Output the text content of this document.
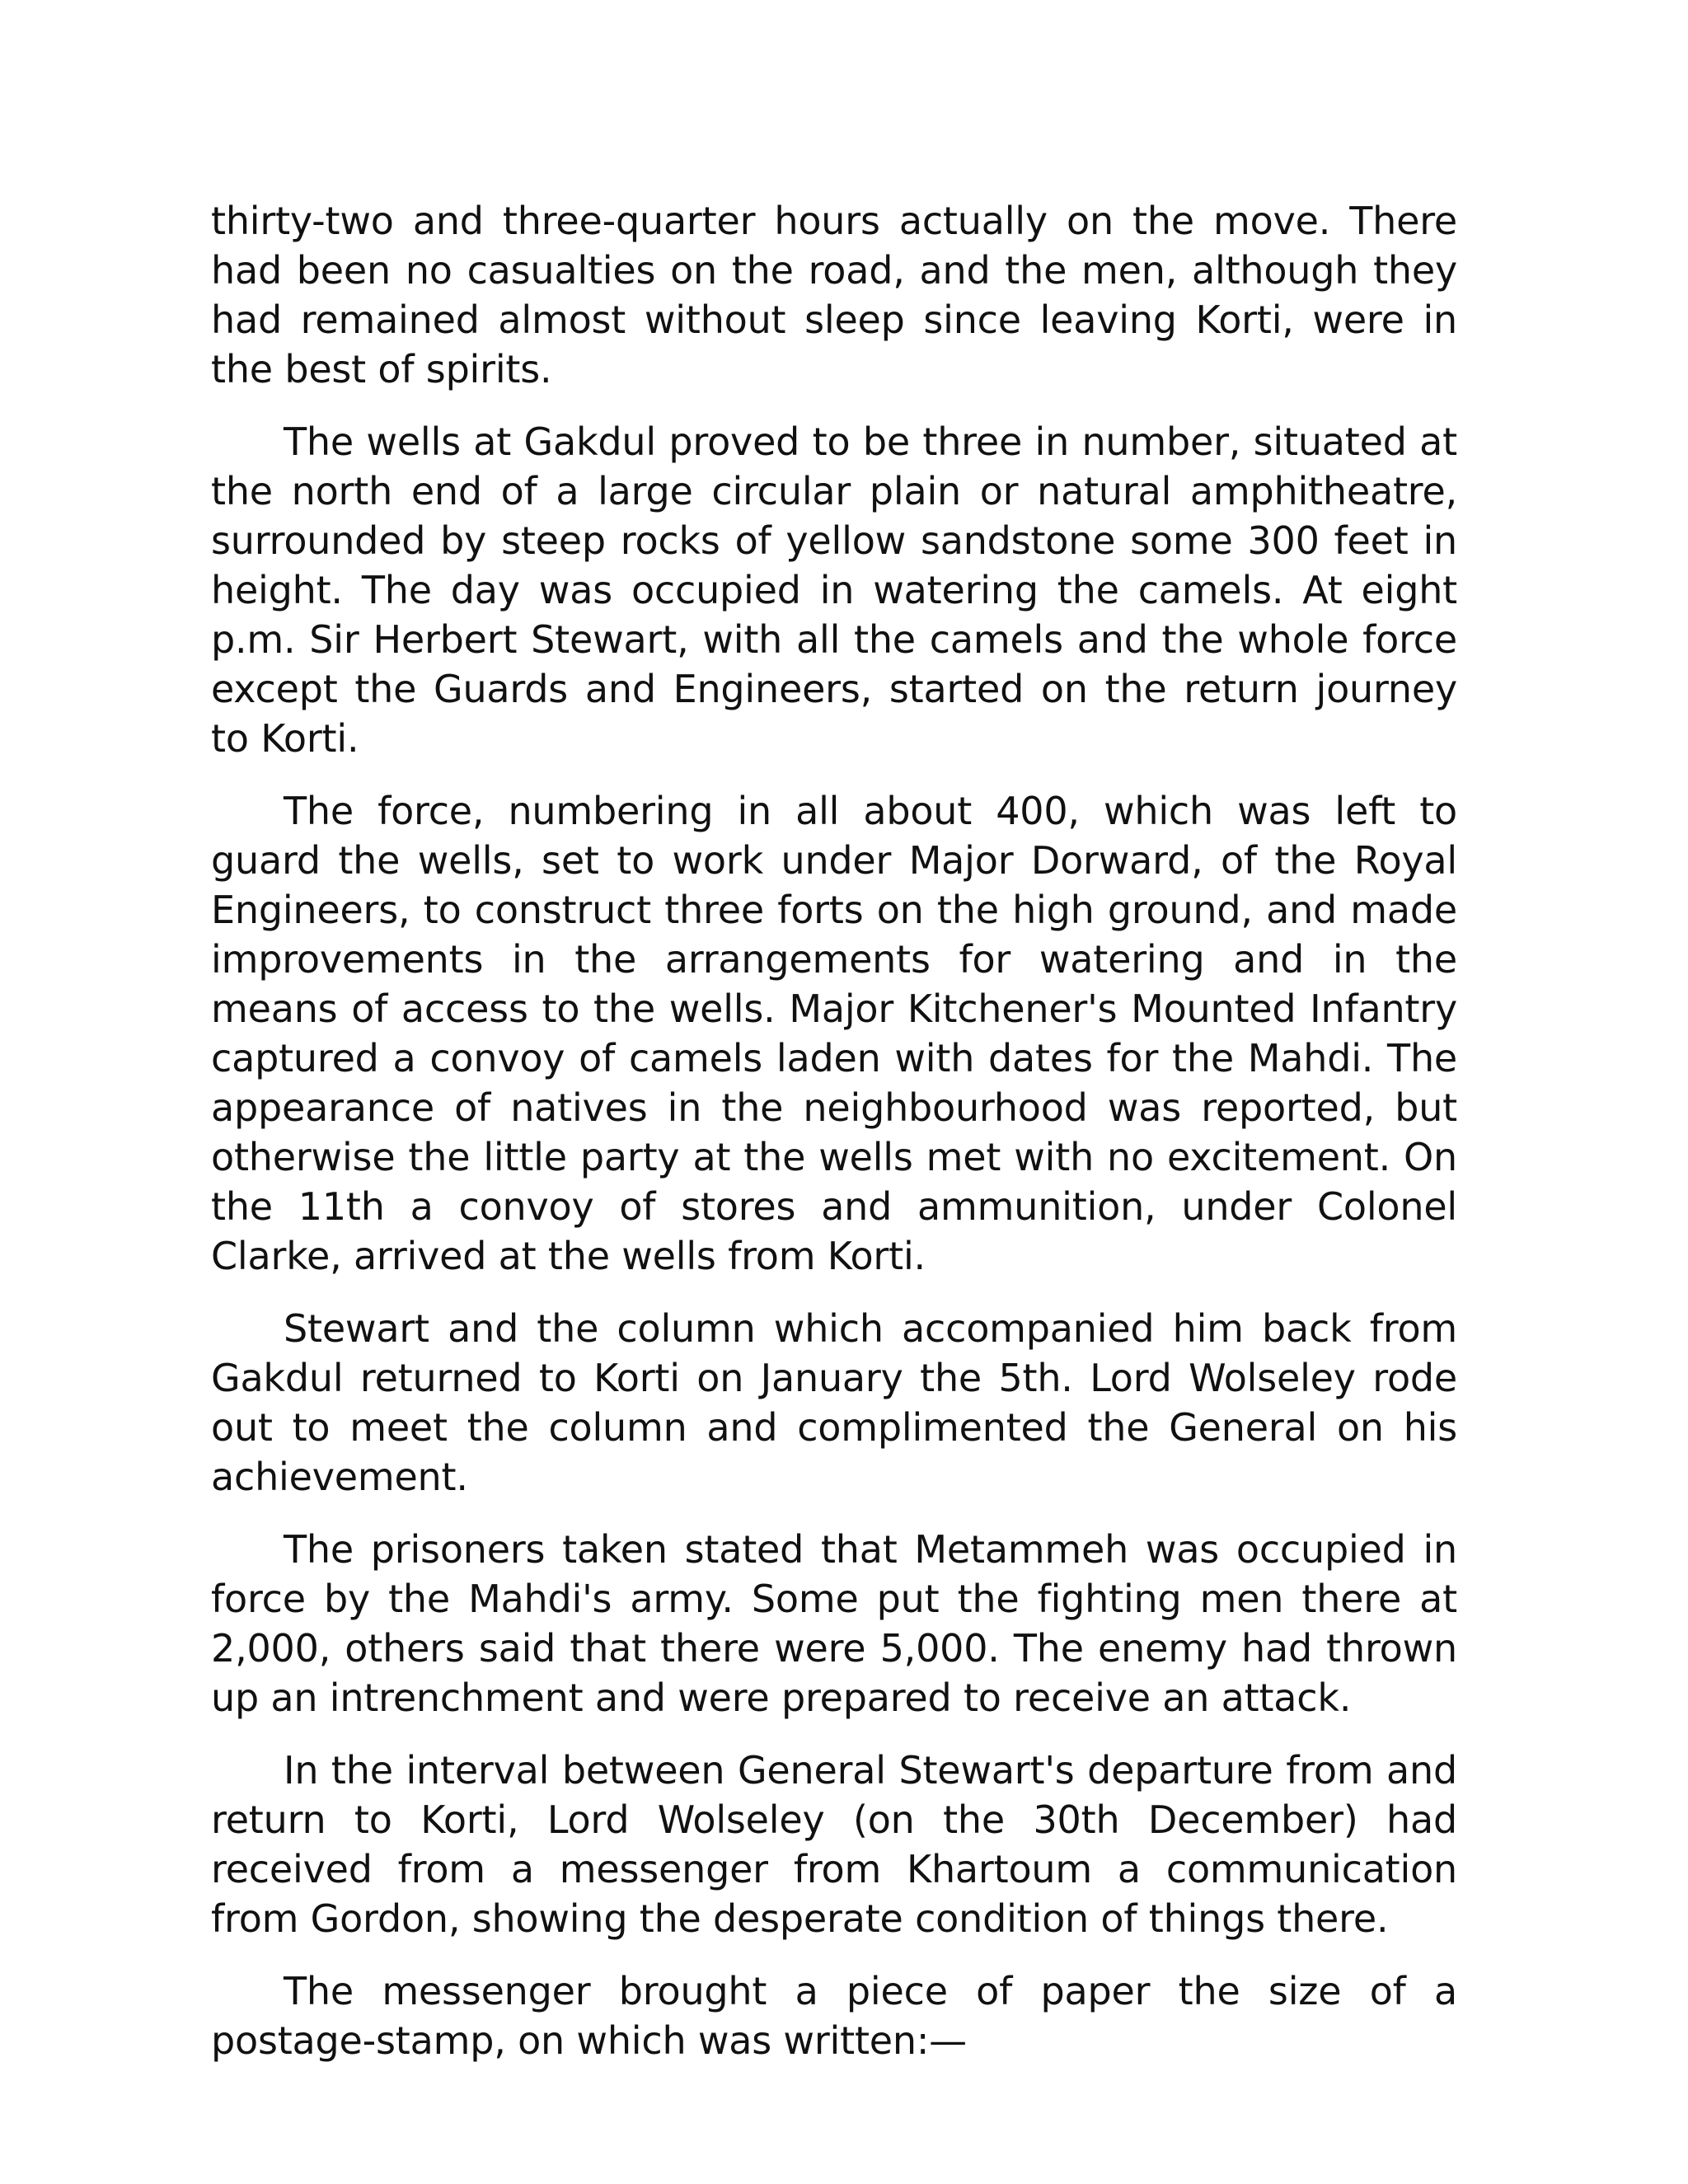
thirty-two and three-quarter hours actually on the move. There had been no casualties on the road, and the men, although they had remained almost without sleep since leaving Korti, were in the best of spirits.

The wells at Gakdul proved to be three in number, situated at the north end of a large circular plain or natural amphitheatre, surrounded by steep rocks of yellow sandstone some 300 feet in height. The day was occupied in watering the camels. At eight p.m. Sir Herbert Stewart, with all the camels and the whole force except the Guards and Engineers, started on the return journey to Korti.

The force, numbering in all about 400, which was left to guard the wells, set to work under Major Dorward, of the Royal Engineers, to construct three forts on the high ground, and made improvements in the arrangements for watering and in the means of access to the wells. Major Kitchener's Mounted Infantry captured a convoy of camels laden with dates for the Mahdi. The appearance of natives in the neighbourhood was reported, but otherwise the little party at the wells met with no excitement. On the 11th a convoy of stores and ammunition, under Colonel Clarke, arrived at the wells from Korti.

Stewart and the column which accompanied him back from Gakdul returned to Korti on January the 5th. Lord Wolseley rode out to meet the column and complimented the General on his achievement.

The prisoners taken stated that Metammeh was occupied in force by the Mahdi's army. Some put the fighting men there at 2,000, others said that there were 5,000. The enemy had thrown up an intrenchment and were prepared to receive an attack.

In the interval between General Stewart's departure from and return to Korti, Lord Wolseley (on the 30th December) had received from a messenger from Khartoum a communication from Gordon, showing the desperate condition of things there.

The messenger brought a piece of paper the size of a postage-stamp, on which was written:—
